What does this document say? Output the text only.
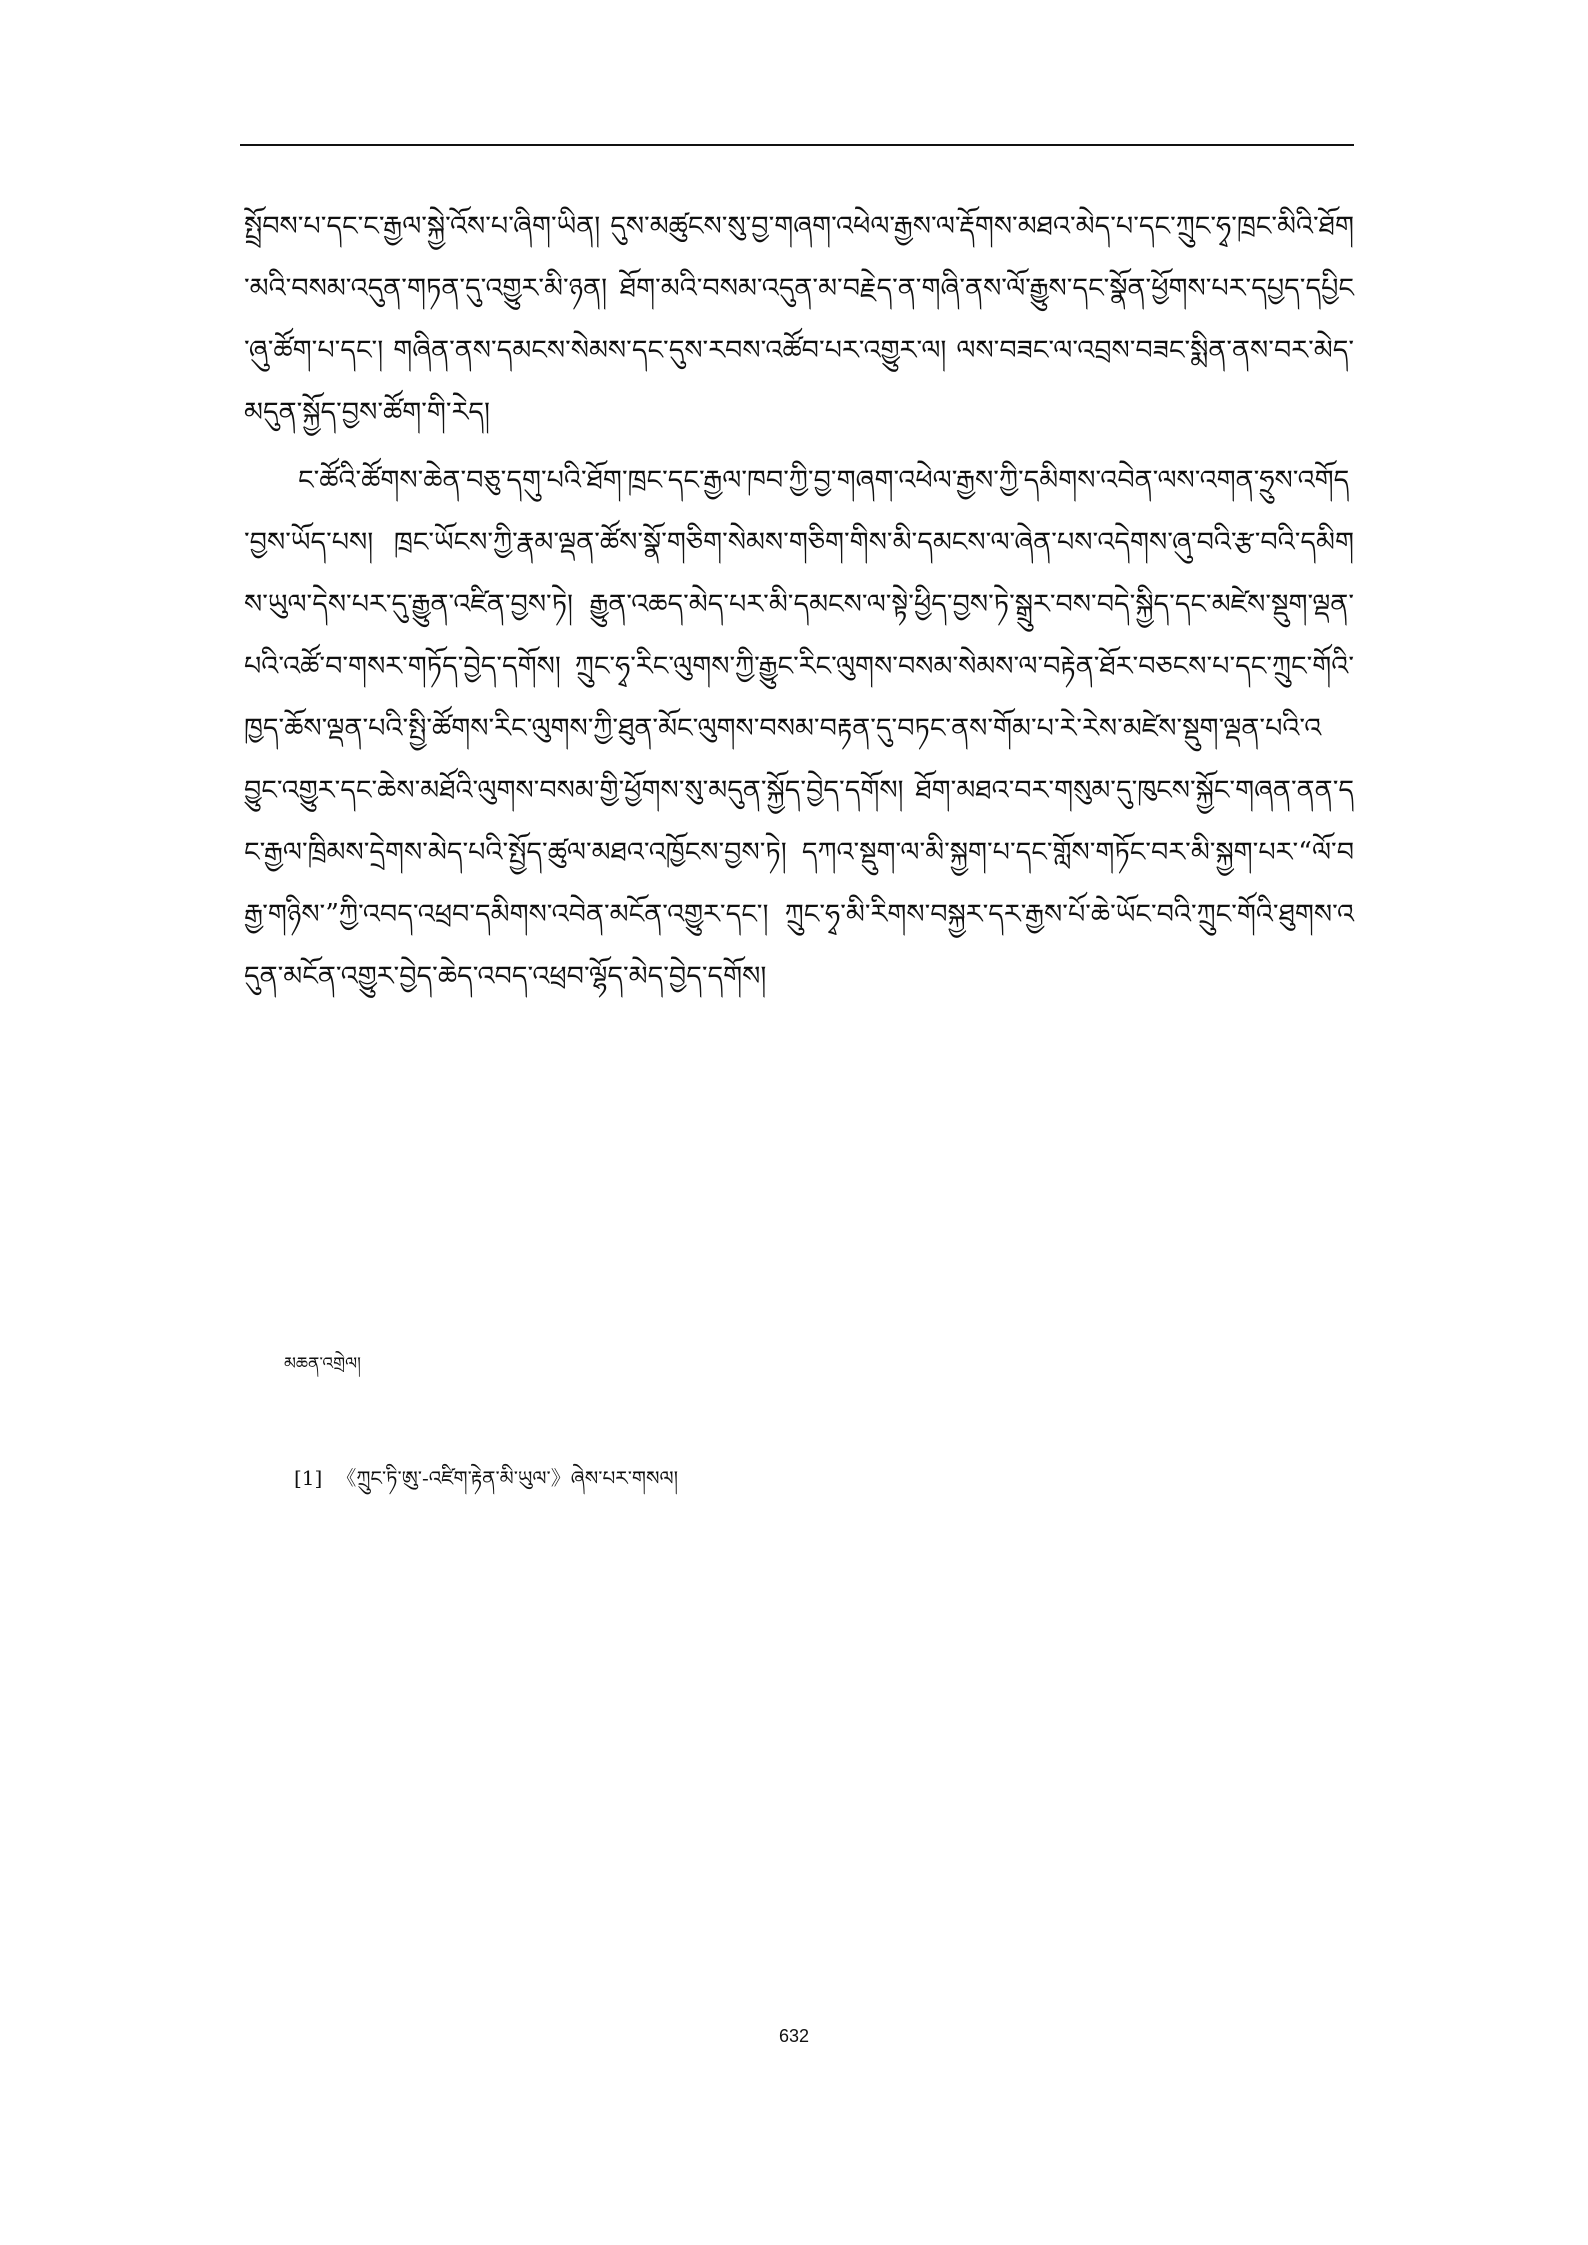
སྤྲོབས་པ་དང་ང་རྒྱལ་སྐྱེ་འོས་པ་ཞིག་ཡིན། དུས་མཚུངས་སུ་བྱ་གཞག་འཕེལ་རྒྱས་ལ་རྡོགས་མཐའ་མེད་པ་དང་ཀྲུང་ཧྭ་ཁྲང་མིའི་ཐོག་མའི་བསམ་འདུན་གཏན་དུ་འགྱུར་མི་ཉན། ཐོག་མའི་བསམ་འདུན་མ་བརྗེད་ན་གཞི་ནས་ལོ་རྒྱུས་དང་སྣོན་ཕྱོགས་པར་དཔྱད་དཔྱིང་ཞུ་ཚོག་པ་དང་། གཞིན་ནས་དམངས་སེམས་དང་དུས་རབས་འཚོབ་པར་འགྱུར་ལ། ལས་བཟང་ལ་འབྲས་བཟང་སྨིན་ནས་བར་མེད་མདུན་སྐྱོད་བྱས་ཚོག་གི་རེད།

ང་ཚོའི་ཚོགས་ཆེན་བཅུ་དགུ་པའི་ཐོག་ཁྲང་དང་རྒྱལ་ཁབ་ཀྱི་བྱ་གཞག་འཕེལ་རྒྱས་ཀྱི་དམིགས་འབེན་ལས་འགན་ཧྲུས་འགོད་བྱས་ཡོད་པས། ཁྲང་ཡོངས་ཀྱི་རྣམ་ལྡན་ཚོས་སྣོ་གཅིག་སེམས་གཅིག་གིས་མི་དམངས་ལ་ཞེན་པས་འདེགས་ཞུ་བའི་རྩ་བའི་དམིགས་ཡུལ་དེས་པར་དུ་རྒྱུན་འཛིན་བྱས་ཏེ། རྒྱུན་འཆད་མེད་པར་མི་དམངས་ལ་སྟེ་ཕྱིད་བྱས་ཏེ་སྒྲུར་བས་བདེ་སྐྱིད་དང་མཛེས་སྡུག་ལྡན་པའི་འཚོ་བ་གསར་གཏོད་བྱེད་དགོས། ཀྲུང་ཧྭ་རིང་ལུགས་ཀྱི་རྒྱུང་རིང་ལུགས་བསམ་སེམས་ལ་བརྟེན་ཐོར་བཅངས་པ་དང་ཀྲུང་གོའི་ཁྱད་ཆོས་ལྡན་པའི་སྤྱི་ཚོགས་རིང་ལུགས་ཀྱི་ཐུན་མོང་ལུགས་བསམ་བརྟན་དུ་བཏང་ནས་གོམ་པ་རེ་རེས་མཛེས་སྡུག་ལྡན་པའི་འབྱུང་འགྱུར་དང་ཆེས་མཐོའི་ལུགས་བསམ་གྱི་ཕྱོགས་སུ་མདུན་སྐྱོད་བྱེད་དགོས། ཐོག་མཐའ་བར་གསུམ་དུ་ཁུངས་སྐྱོང་གཞན་ནན་དང་རྒྱལ་ཁྲིམས་དྲེགས་མེད་པའི་སྤྱོད་ཚུལ་མཐའ་འཁྱོངས་བྱས་ཏེ། དཀའ་སྡུག་ལ་མི་སྐྱག་པ་དང་གློས་གཏོང་བར་མི་སྐྱག་པར་“ལོ་བརྒྱ་གཉིས་”ཀྱི་འབད་འཕྲབ་དམིགས་འབེན་མངོན་འགྱུར་དང་། ཀྲུང་ཧྭ་མི་རིགས་བསྐྱར་དར་རྒྱས་པོ་ཆེ་ཡོང་བའི་ཀྲུང་གོའི་ཐུགས་འདུན་མངོན་འགྱུར་བྱེད་ཆེད་འབད་འཕྲབ་ལྷོད་མེད་བྱེད་དགོས།

མཆན་འགྲེལ།
[1] 《ཀྲུང་ཏི་ཨུ་-འཛིག་རྟེན་མི་ཡུལ་》ཞེས་པར་གསལ།
632
